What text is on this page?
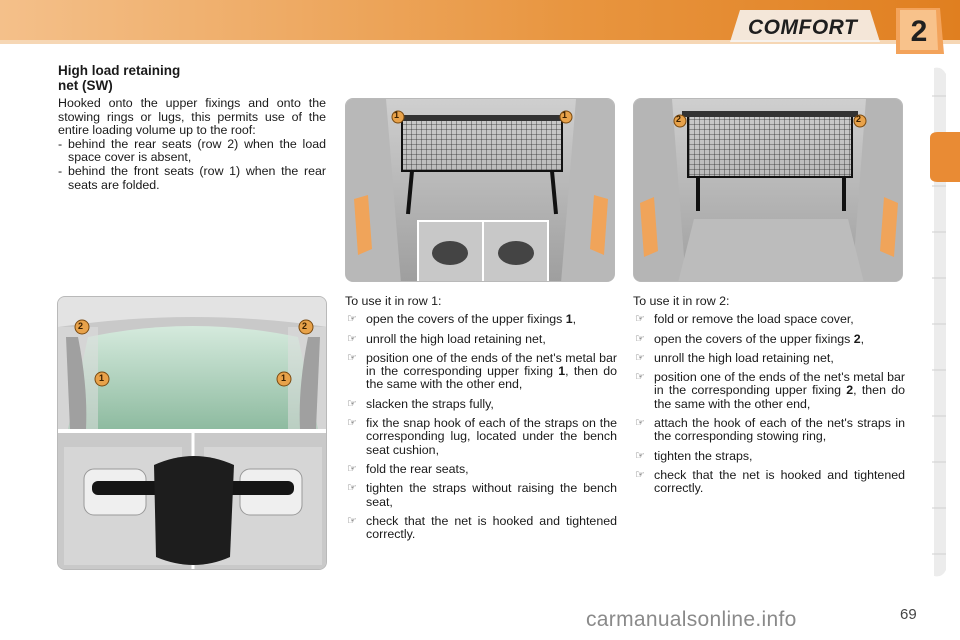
COMFORT	2
High load retaining
net (SW)

Hooked onto the upper fixings and onto the stowing rings or lugs, this permits use of the entire loading volume up to the roof:

- behind the rear seats (row 2) when the load space cover is absent,
- behind the front seats (row 1) when the rear seats are folded.
1	1	2	2
2	2
1	1
To use it in row 1:
☞ open the covers of the upper fixings 1,
☞ unroll the high load retaining net,
☞ position one of the ends of the net's metal bar in the corresponding upper fixing 1, then do the same with the other end,
☞ slacken the straps fully,
☞ fix the snap hook of each of the straps on the corresponding lug, located under the bench seat cushion,
☞ fold the rear seats,
☞ tighten the straps without raising the bench seat,
☞ check that the net is hooked and tightened correctly.
To use it in row 2:
☞ fold or remove the load space cover,
☞ open the covers of the upper fixings 2,
☞ unroll the high load retaining net,
☞ position one of the ends of the net's metal bar in the corresponding upper fixing 2, then do the same with the other end,
☞ attach the hook of each of the net's straps in the corresponding stowing ring,
☞ tighten the straps,
☞ check that the net is hooked and tightened correctly.
carmanualsonline.info	69
